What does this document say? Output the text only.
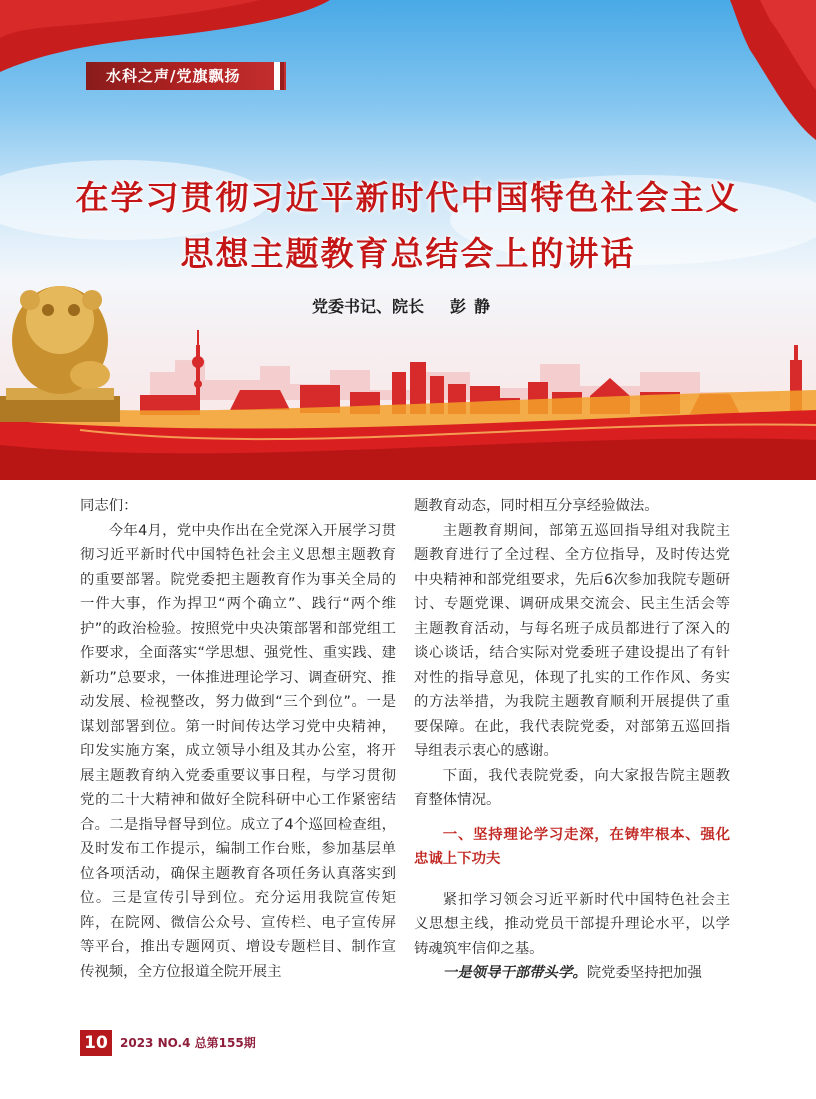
水科之声/党旗飘扬
在学习贯彻习近平新时代中国特色社会主义
思想主题教育总结会上的讲话
党委书记、院长 彭静

同志们：

今年4月，党中央作出在全党深入开展学习贯彻习近平新时代中国特色社会主义思想主题教育的重要部署。院党委把主题教育作为事关全局的一件大事，作为捍卫“两个确立”、践行“两个维护”的政治检验。按照党中央决策部署和部党组工作要求，全面落实“学思想、强党性、重实践、建新功”总要求，一体推进理论学习、调查研究、推动发展、检视整改，努力做到“三个到位”。一是谋划部署到位。第一时间传达学习党中央精神，印发实施方案，成立领导小组及其办公室，将开展主题教育纳入党委重要议事日程，与学习贯彻党的二十大精神和做好全院科研中心工作紧密结合。二是指导督导到位。成立了4个巡回检查组，及时发布工作提示，编制工作台账，参加基层单位各项活动，确保主题教育各项任务认真落实到位。三是宣传引导到位。充分运用我院宣传矩阵，在院网、微信公众号、宣传栏、电子宣传屏等平台，推出专题网页、增设专题栏目、制作宣传视频，全方位报道全院开展主

题教育动态，同时相互分享经验做法。

主题教育期间，部第五巡回指导组对我院主题教育进行了全过程、全方位指导，及时传达党中央精神和部党组要求，先后6次参加我院专题研讨、专题党课、调研成果交流会、民主生活会等主题教育活动，与每名班子成员都进行了深入的谈心谈话，结合实际对党委班子建设提出了有针对性的指导意见，体现了扎实的工作作风、务实的方法举措，为我院主题教育顺利开展提供了重要保障。在此，我代表院党委，对部第五巡回指导组表示衷心的感谢。

下面，我代表院党委，向大家报告院主题教育整体情况。

一、坚持理论学习走深，在铸牢根本、强化忠诚上下功夫

紧扣学习领会习近平新时代中国特色社会主义思想主线，推动党员干部提升理论水平，以学铸魂筑牢信仰之基。

一是领导干部带头学。院党委坚持把加强

10	2023 NO.4 总第155期
